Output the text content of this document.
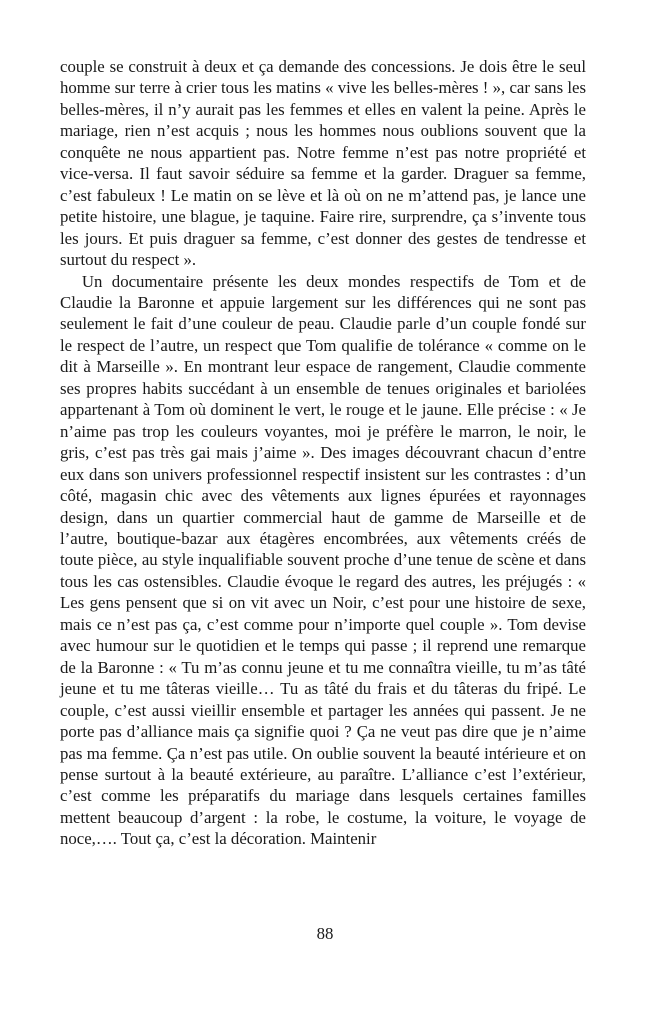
couple se construit à deux et ça demande des concessions. Je dois être le seul homme sur terre à crier tous les matins « vive les belles-mères ! », car sans les belles-mères, il n’y aurait pas les femmes et elles en valent la peine. Après le mariage, rien n’est acquis ; nous les hommes nous oublions souvent que la conquête ne nous appartient pas. Notre femme n’est pas notre propriété et vice-versa. Il faut savoir séduire sa femme et la garder. Draguer sa femme, c’est fabuleux ! Le matin on se lève et là où on ne m’attend pas, je lance une petite histoire, une blague, je taquine. Faire rire, surprendre, ça s’invente tous les jours. Et puis draguer sa femme, c’est donner des gestes de tendresse et surtout du respect ».

Un documentaire présente les deux mondes respectifs de Tom et de Claudie la Baronne et appuie largement sur les différences qui ne sont pas seulement le fait d’une couleur de peau. Claudie parle d’un couple fondé sur le respect de l’autre, un respect que Tom qualifie de tolérance « comme on le dit à Marseille ». En montrant leur espace de rangement, Claudie commente ses propres habits succédant à un ensemble de tenues originales et bariolées appartenant à Tom où dominent le vert, le rouge et le jaune. Elle précise : « Je n’aime pas trop les couleurs voyantes, moi je préfère le marron, le noir, le gris, c’est pas très gai mais j’aime ». Des images découvrant chacun d’entre eux dans son univers professionnel respectif insistent sur les contrastes : d’un côté, magasin chic avec des vêtements aux lignes épurées et rayonnages design, dans un quartier commercial haut de gamme de Marseille et de l’autre, boutique-bazar aux étagères encombrées, aux vêtements créés de toute pièce, au style inqualifiable souvent proche d’une tenue de scène et dans tous les cas ostensibles. Claudie évoque le regard des autres, les préjugés : « Les gens pensent que si on vit avec un Noir, c’est pour une histoire de sexe, mais ce n’est pas ça, c’est comme pour n’importe quel couple ». Tom devise avec humour sur le quotidien et le temps qui passe ; il reprend une remarque de la Baronne : « Tu m’as connu jeune et tu me connaîtra vieille, tu m’as tâté jeune et tu me tâteras vieille… Tu as tâté du frais et du tâteras du fripé. Le couple, c’est aussi vieillir ensemble et partager les années qui passent. Je ne porte pas d’alliance mais ça signifie quoi ? Ça ne veut pas dire que je n’aime pas ma femme. Ça n’est pas utile. On oublie souvent la beauté intérieure et on pense surtout à la beauté extérieure, au paraître. L’alliance c’est l’extérieur, c’est comme les préparatifs du mariage dans lesquels certaines familles mettent beaucoup d’argent : la robe, le costume, la voiture, le voyage de noce,…. Tout ça, c’est la décoration. Maintenir

88
